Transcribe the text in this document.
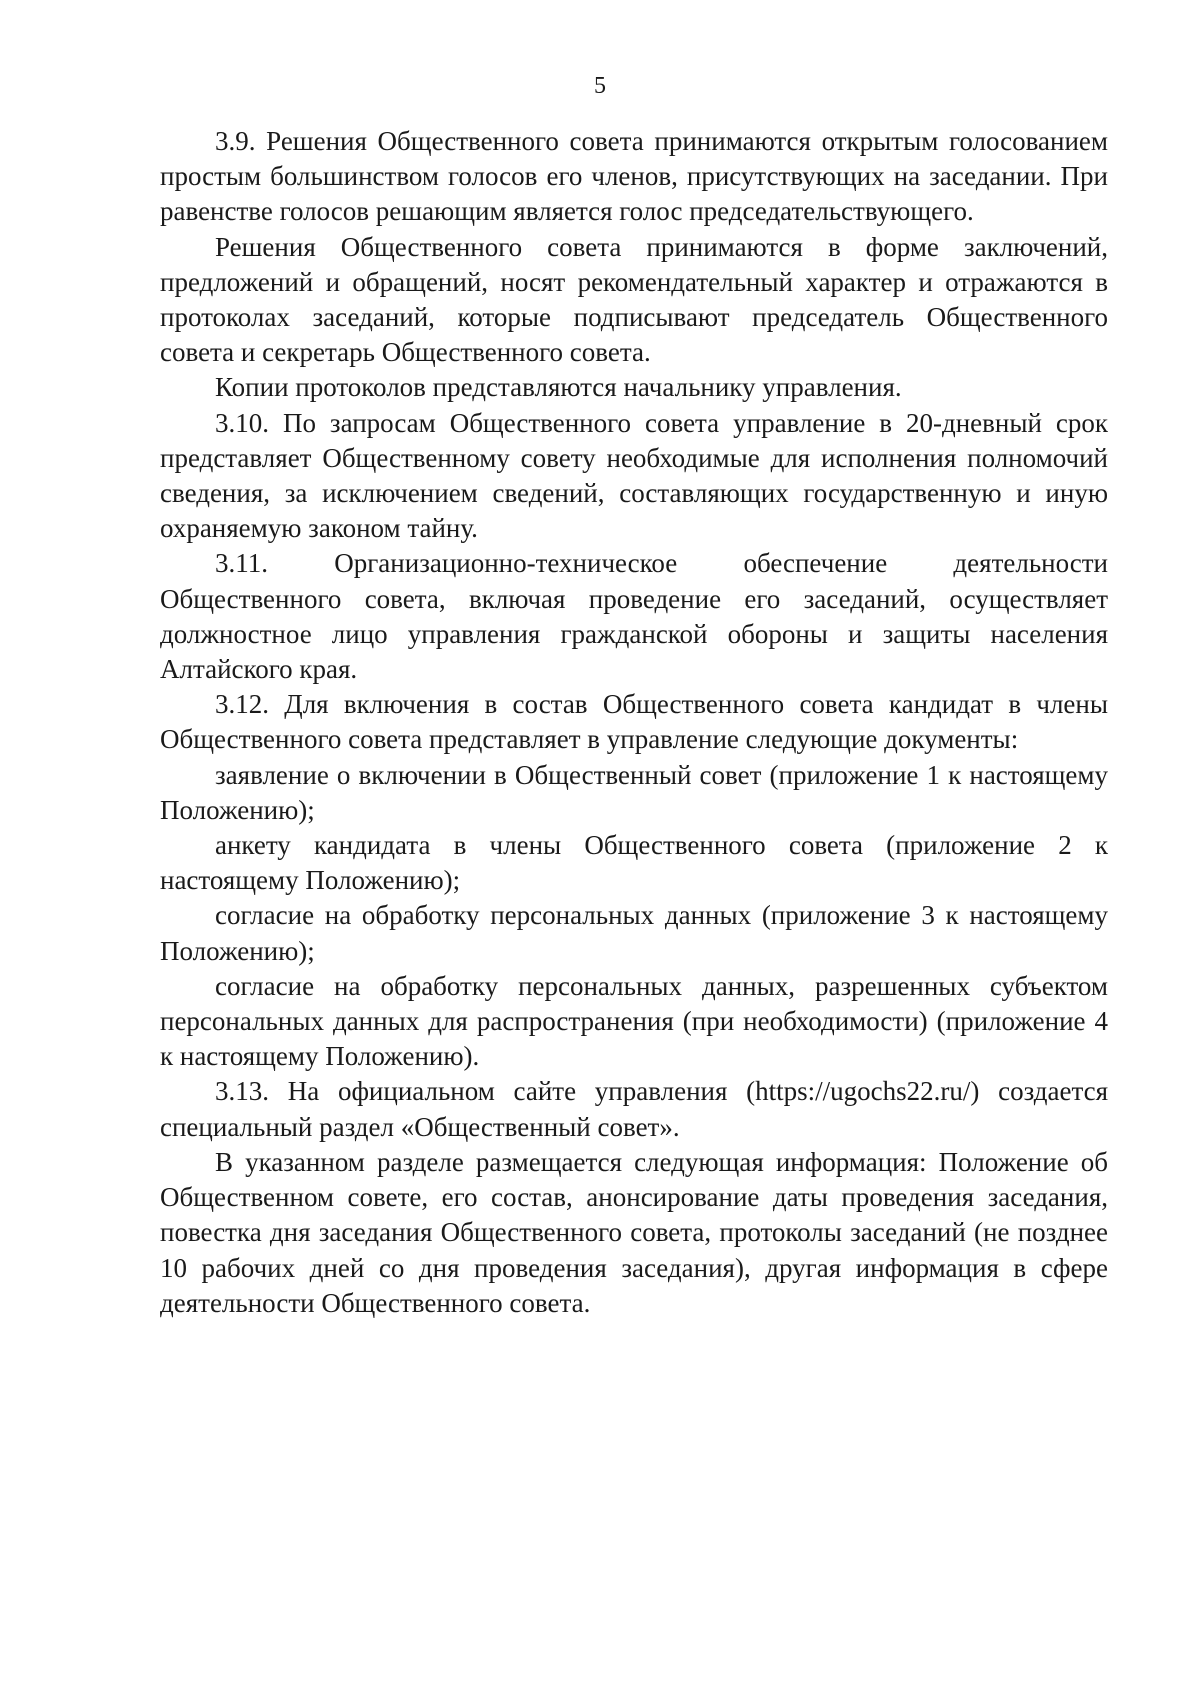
5

3.9. Решения Общественного совета принимаются открытым голосованием простым большинством голосов его членов, присутствующих на заседании. При равенстве голосов решающим является голос председательствующего.

Решения Общественного совета принимаются в форме заключений, предложений и обращений, носят рекомендательный характер и отражаются в протоколах заседаний, которые подписывают председатель Общественного совета и секретарь Общественного совета.

Копии протоколов представляются начальнику управления.

3.10. По запросам Общественного совета управление в 20-дневный срок представляет Общественному совету необходимые для исполнения полномочий сведения, за исключением сведений, составляющих государственную и иную охраняемую законом тайну.

3.11. Организационно-техническое обеспечение деятельности Общественного совета, включая проведение его заседаний, осуществляет должностное лицо управления гражданской обороны и защиты населения Алтайского края.

3.12. Для включения в состав Общественного совета кандидат в члены Общественного совета представляет в управление следующие документы:

заявление о включении в Общественный совет (приложение 1 к настоящему Положению);

анкету кандидата в члены Общественного совета (приложение 2 к настоящему Положению);

согласие на обработку персональных данных (приложение 3 к настоящему Положению);

согласие на обработку персональных данных, разрешенных субъектом персональных данных для распространения (при необходимости) (приложение 4 к настоящему Положению).

3.13. На официальном сайте управления (https://ugochs22.ru/) создается специальный раздел «Общественный совет».

В указанном разделе размещается следующая информация: Положение об Общественном совете, его состав, анонсирование даты проведения заседания, повестка дня заседания Общественного совета, протоколы заседаний (не позднее 10 рабочих дней со дня проведения заседания), другая информация в сфере деятельности Общественного совета.
